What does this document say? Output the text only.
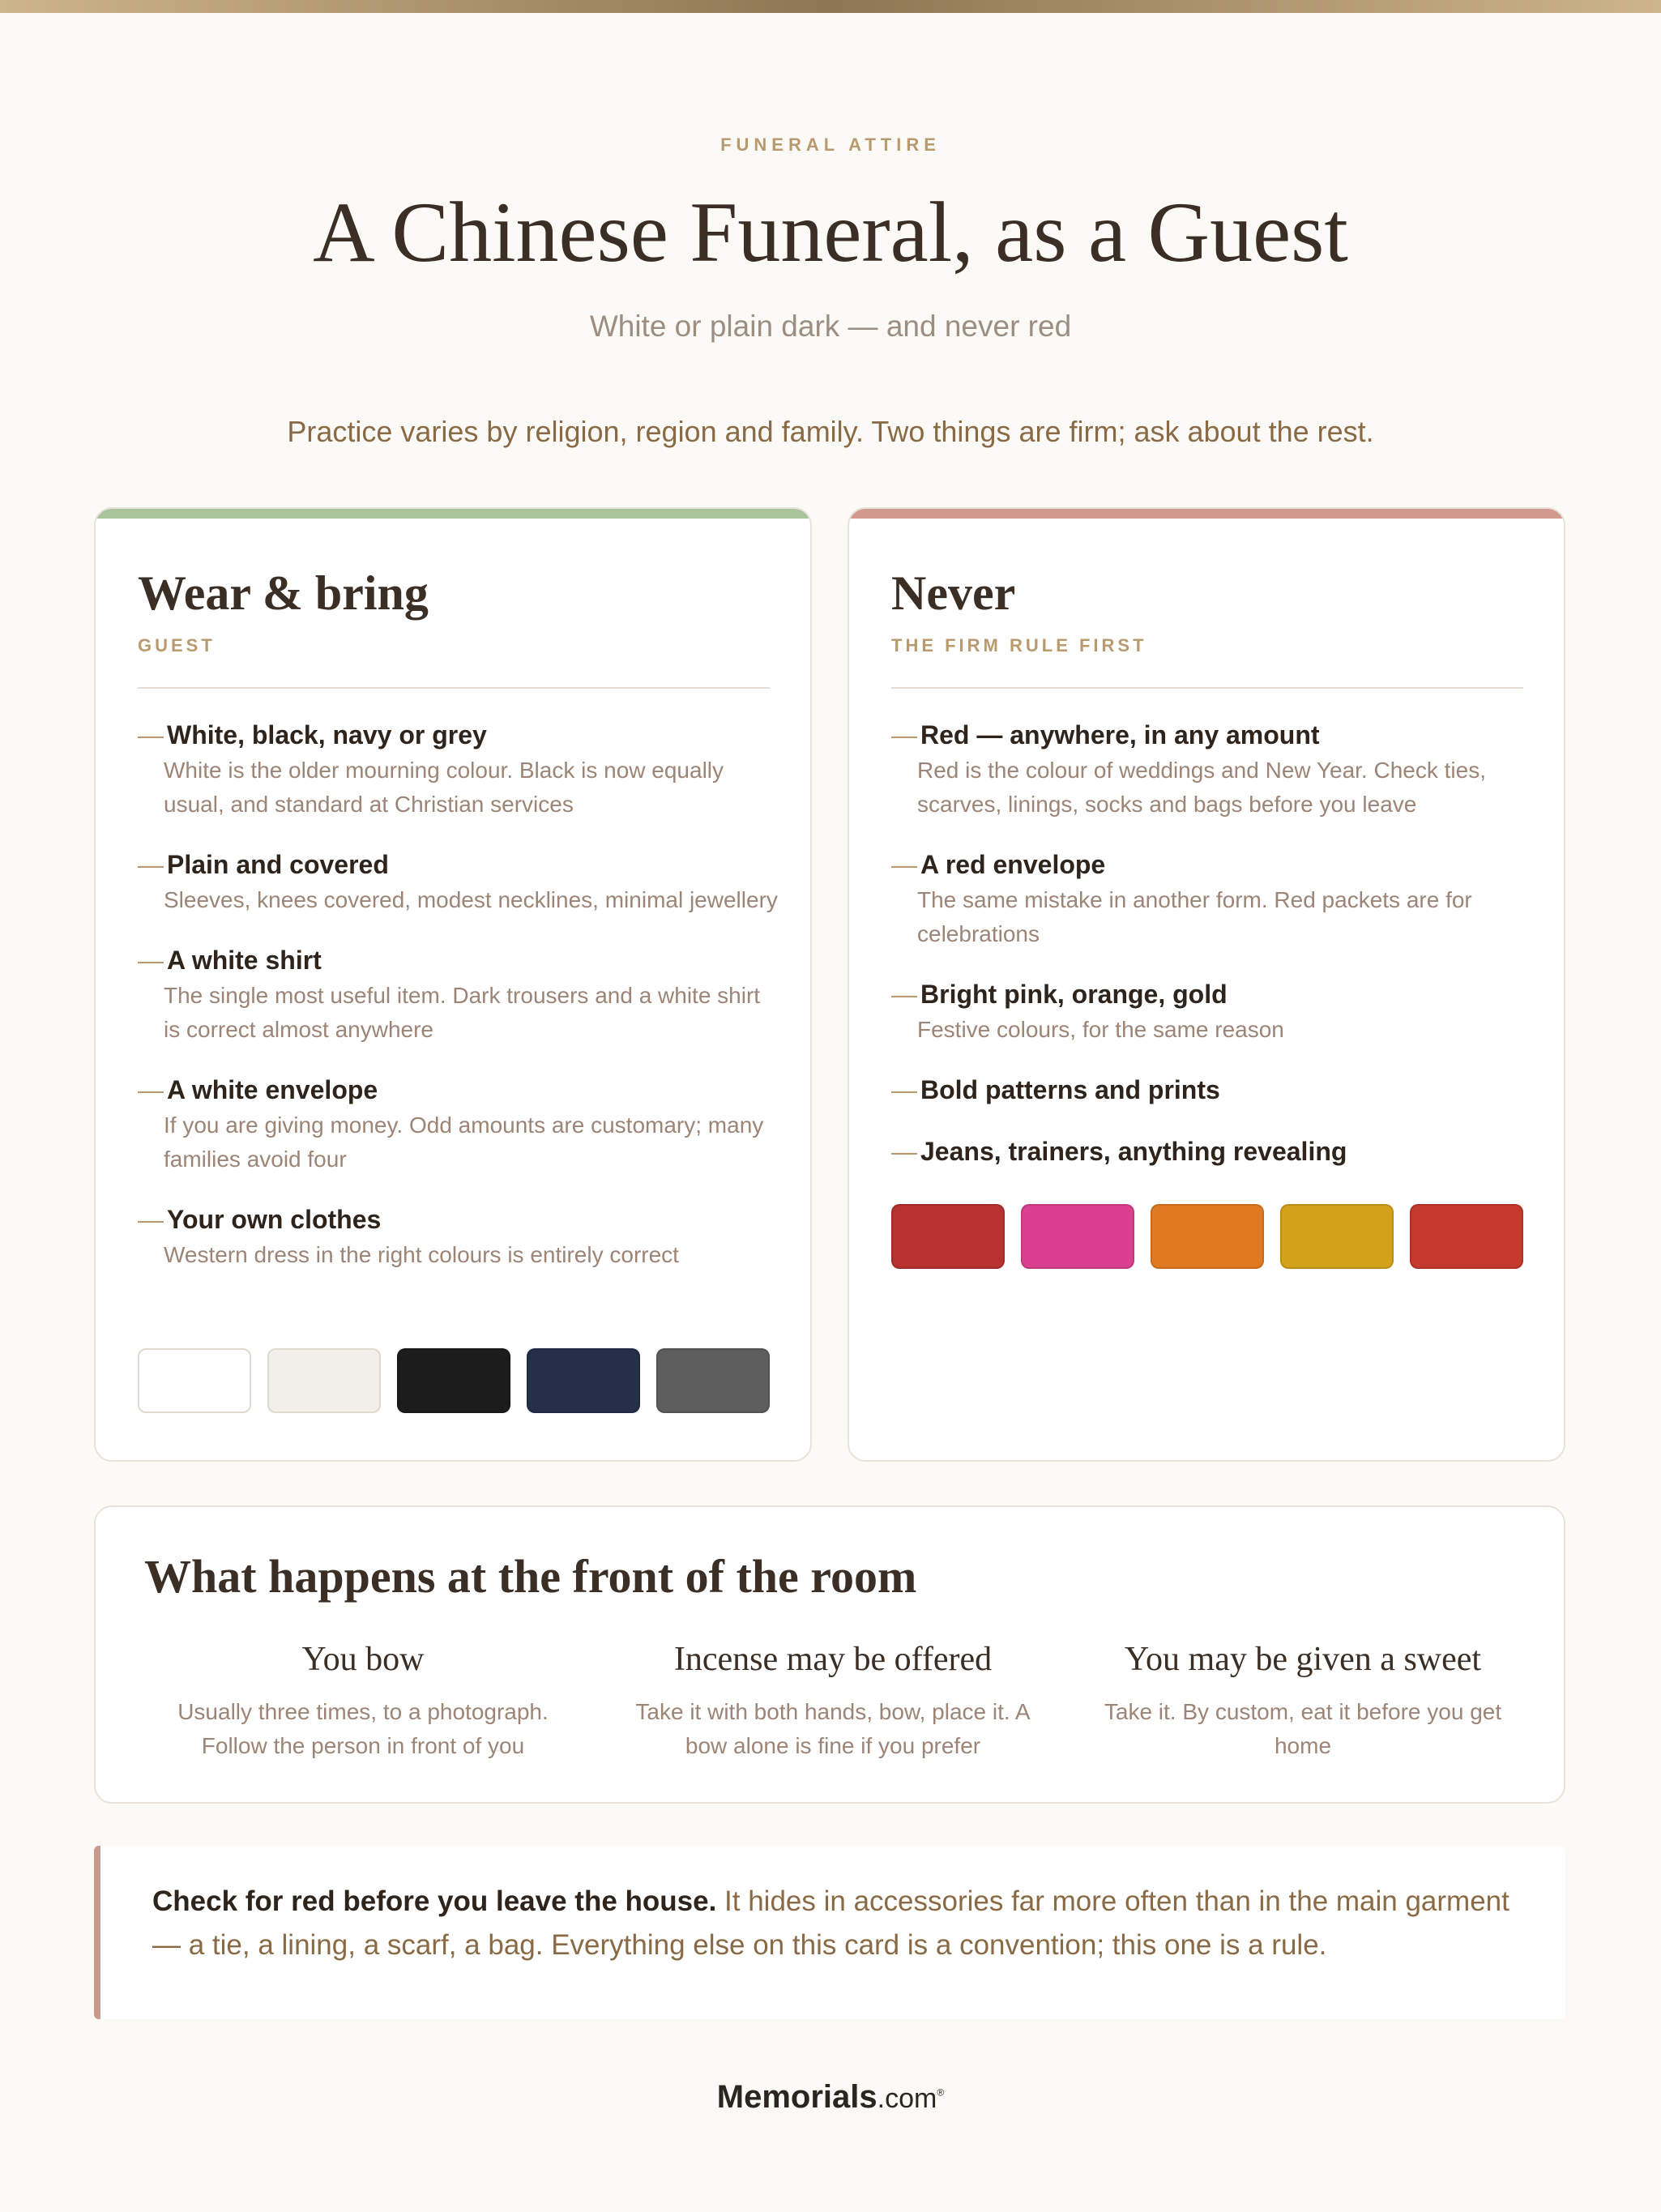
FUNERAL ATTIRE
A Chinese Funeral, as a Guest
White or plain dark — and never red

Practice varies by religion, region and family. Two things are firm; ask about the rest.

Wear & bring
GUEST
— White, black, navy or grey
White is the older mourning colour. Black is now equally usual, and standard at Christian services
— Plain and covered
Sleeves, knees covered, modest necklines, minimal jewellery
— A white shirt
The single most useful item. Dark trousers and a white shirt is correct almost anywhere
— A white envelope
If you are giving money. Odd amounts are customary; many families avoid four
— Your own clothes
Western dress in the right colours is entirely correct
Never
THE FIRM RULE FIRST
— Red — anywhere, in any amount
Red is the colour of weddings and New Year. Check ties, scarves, linings, socks and bags before you leave
— A red envelope
The same mistake in another form. Red packets are for celebrations
— Bright pink, orange, gold
Festive colours, for the same reason
— Bold patterns and prints
— Jeans, trainers, anything revealing
What happens at the front of the room
You bow
Usually three times, to a photograph. Follow the person in front of you
Incense may be offered
Take it with both hands, bow, place it. A bow alone is fine if you prefer
You may be given a sweet
Take it. By custom, eat it before you get home
Check for red before you leave the house. It hides in accessories far more often than in the main garment — a tie, a lining, a scarf, a bag. Everything else on this card is a convention; this one is a rule.
Memorials.com®
